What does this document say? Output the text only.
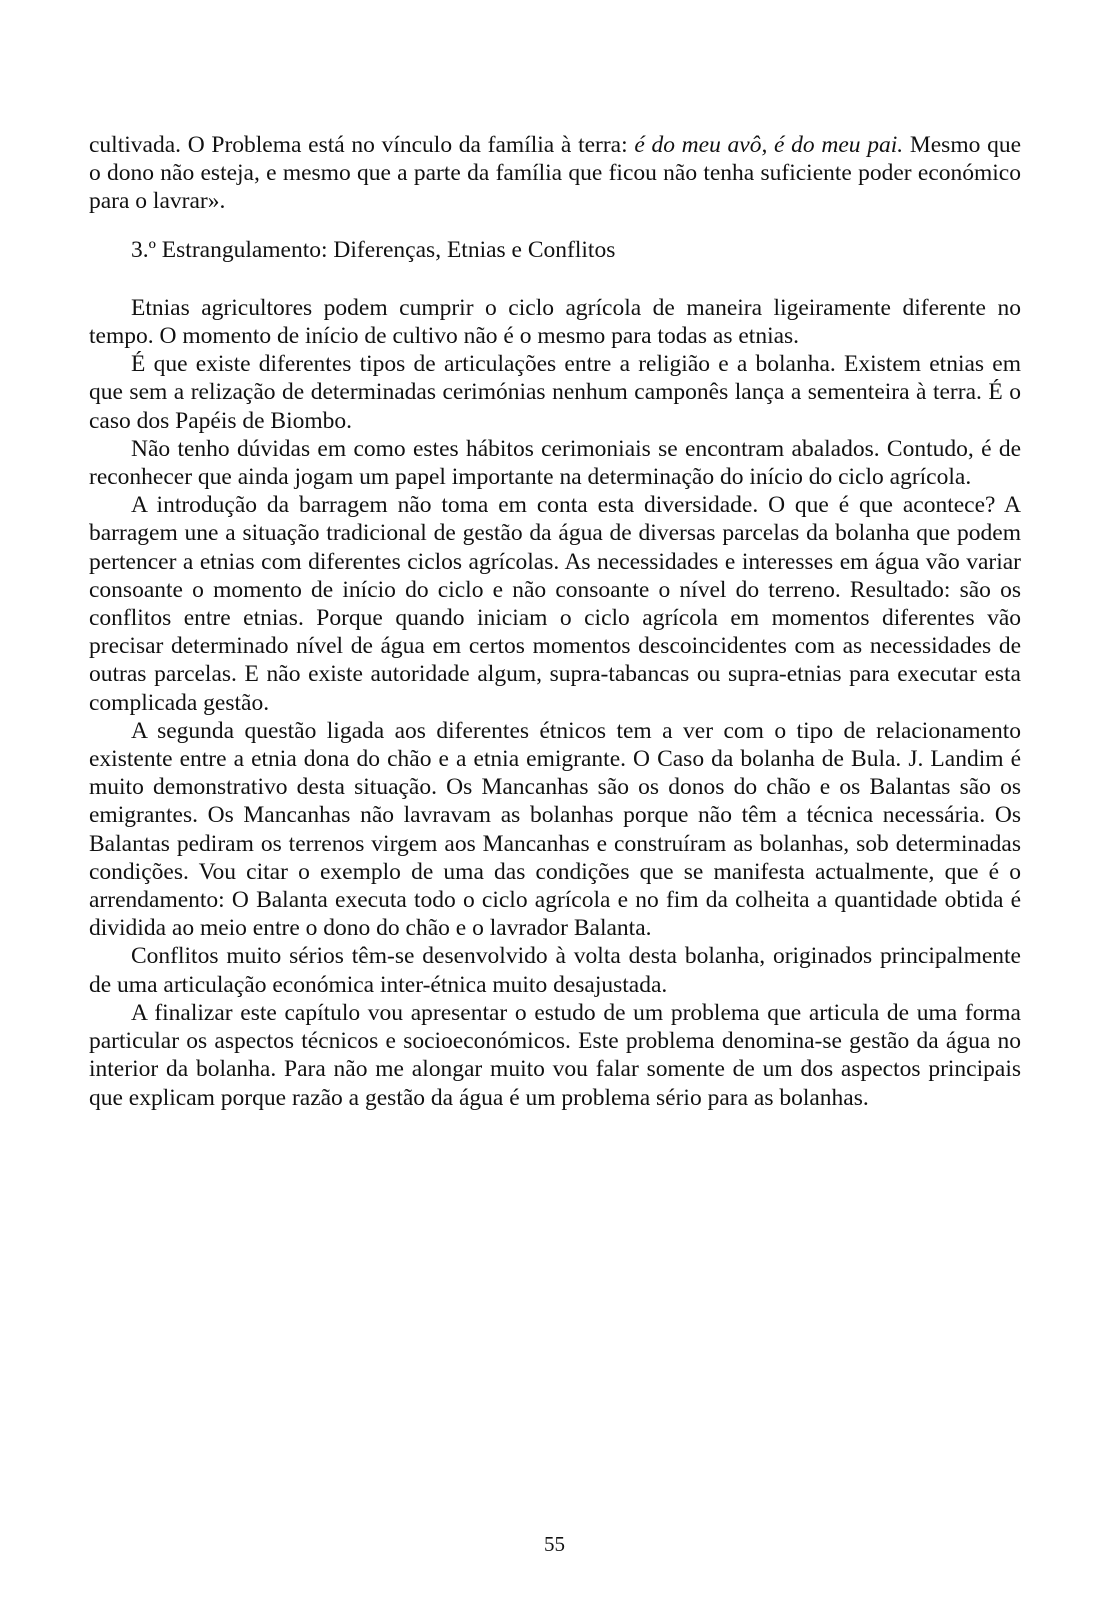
cultivada. O Problema está no vínculo da família à terra: é do meu avô, é do meu pai. Mesmo que o dono não esteja, e mesmo que a parte da família que ficou não tenha suficiente poder económico para o lavrar».

3.º Estrangulamento: Diferenças, Etnias e Conflitos

Etnias agricultores podem cumprir o ciclo agrícola de maneira ligeiramente diferente no tempo. O momento de início de cultivo não é o mesmo para todas as etnias.

É que existe diferentes tipos de articulações entre a religião e a bolanha. Existem etnias em que sem a relização de determinadas cerimónias nenhum camponês lança a sementeira à terra. É o caso dos Papéis de Biombo.

Não tenho dúvidas em como estes hábitos cerimoniais se encontram abalados. Contudo, é de reconhecer que ainda jogam um papel importante na determinação do início do ciclo agrícola.

A introdução da barragem não toma em conta esta diversidade. O que é que acontece? A barragem une a situação tradicional de gestão da água de diversas parcelas da bolanha que podem pertencer a etnias com diferentes ciclos agrícolas. As necessidades e interesses em água vão variar consoante o momento de início do ciclo e não consoante o nível do terreno. Resultado: são os conflitos entre etnias. Porque quando iniciam o ciclo agrícola em momentos diferentes vão precisar determinado nível de água em certos momentos descoincidentes com as necessidades de outras parcelas. E não existe autoridade algum, supra-tabancas ou supra-etnias para executar esta complicada gestão.

A segunda questão ligada aos diferentes étnicos tem a ver com o tipo de relacionamento existente entre a etnia dona do chão e a etnia emigrante. O Caso da bolanha de Bula. J. Landim é muito demonstrativo desta situação. Os Mancanhas são os donos do chão e os Balantas são os emigrantes. Os Mancanhas não lavravam as bolanhas porque não têm a técnica necessária. Os Balantas pediram os terrenos virgem aos Mancanhas e construíram as bolanhas, sob determinadas condições. Vou citar o exemplo de uma das condições que se manifesta actualmente, que é o arrendamento: O Balanta executa todo o ciclo agrícola e no fim da colheita a quantidade obtida é dividida ao meio entre o dono do chão e o lavrador Balanta.

Conflitos muito sérios têm-se desenvolvido à volta desta bolanha, originados principalmente de uma articulação económica inter-étnica muito desajustada.

A finalizar este capítulo vou apresentar o estudo de um problema que articula de uma forma particular os aspectos técnicos e socioeconómicos. Este problema denomina-se gestão da água no interior da bolanha. Para não me alongar muito vou falar somente de um dos aspectos principais que explicam porque razão a gestão da água é um problema sério para as bolanhas.

55
